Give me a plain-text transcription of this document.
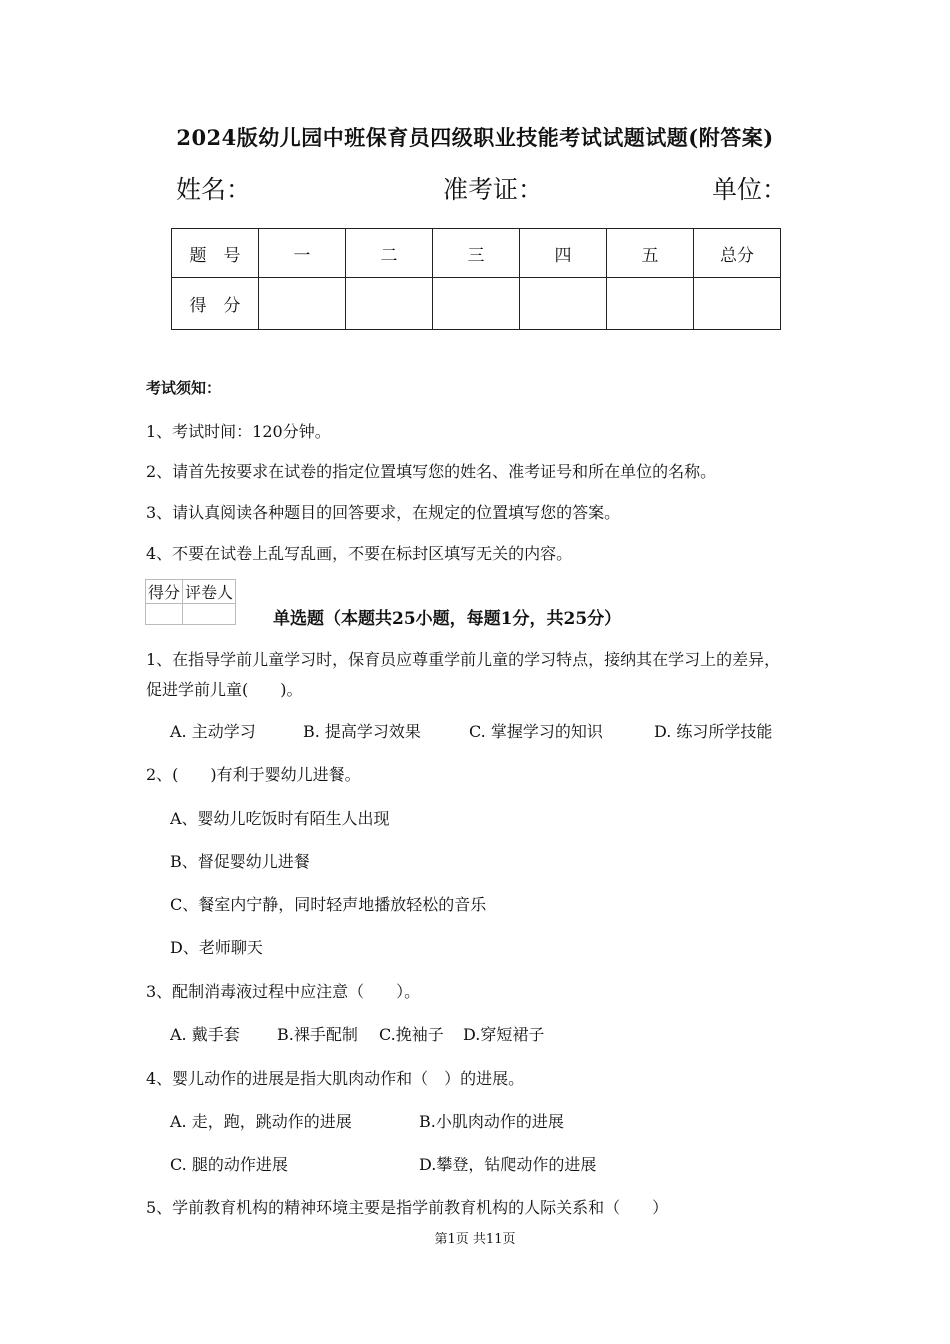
2024版幼儿园中班保育员四级职业技能考试试题试题(附答案)
姓名：	准考证：	单位：
题　号	一	二	三	四	五	总分
得　分						
考试须知：
1、考试时间：120分钟。
2、请首先按要求在试卷的指定位置填写您的姓名、准考证号和所在单位的名称。
3、请认真阅读各种题目的回答要求，在规定的位置填写您的答案。
4、不要在试卷上乱写乱画，不要在标封区填写无关的内容。
得分	评卷人

单选题（本题共25小题，每题1分，共25分）
1、在指导学前儿童学习时，保育员应尊重学前儿童的学习特点，接纳其在学习上的差异，
促进学前儿童(　　)。
A. 主动学习	B. 提高学习效果	C. 掌握学习的知识	D. 练习所学技能
2、(　　)有利于婴幼儿进餐。
A、婴幼儿吃饭时有陌生人出现
B、督促婴幼儿进餐
C、餐室内宁静，同时轻声地播放轻松的音乐
D、老师聊天
3、配制消毒液过程中应注意（　　）。
A. 戴手套 B.裸手配制 C.挽袖子 D.穿短裙子
4、婴儿动作的进展是指大肌肉动作和（　）的进展。
A. 走，跑，跳动作的进展	B.小肌肉动作的进展
C. 腿的动作进展	D.攀登，钻爬动作的进展
5、学前教育机构的精神环境主要是指学前教育机构的人际关系和（　　）
第1页 共11页
